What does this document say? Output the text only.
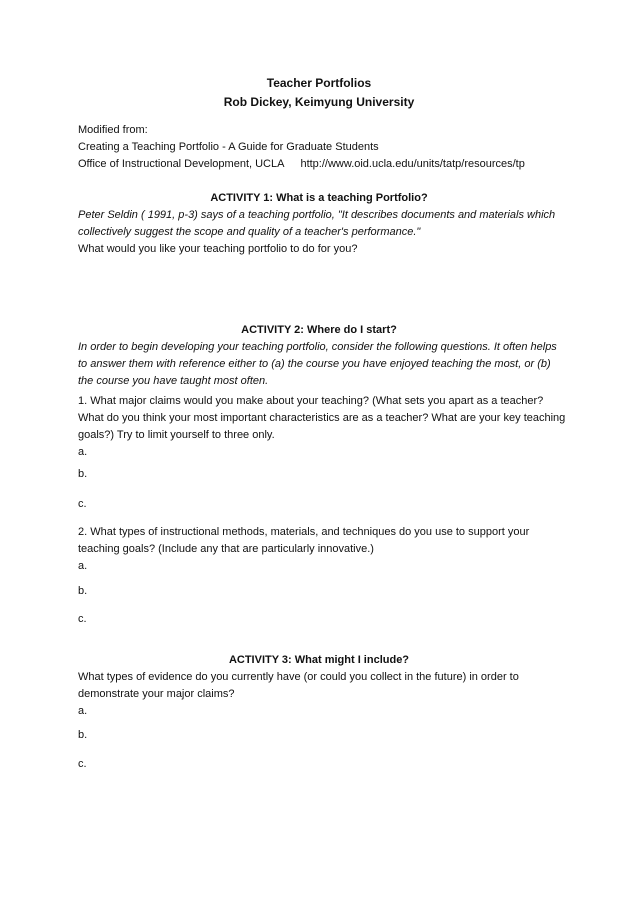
Teacher Portfolios
Rob Dickey, Keimyung University
Modified from:
Creating a Teaching Portfolio - A Guide for Graduate Students
Office of Instructional Development, UCLA http://www.oid.ucla.edu/units/tatp/resources/tp
ACTIVITY 1: What is a teaching Portfolio?
Peter Seldin ( 1991, p-3) says of a teaching portfolio, "It describes documents and materials which
collectively suggest the scope and quality of a teacher's performance."
What would you like your teaching portfolio to do for you?
ACTIVITY 2: Where do I start?
In order to begin developing your teaching portfolio, consider the following questions. It often helps
to answer them with reference either to (a) the course you have enjoyed teaching the most, or (b)
the course you have taught most often.
1. What major claims would you make about your teaching? (What sets you apart as a teacher?
What do you think your most important characteristics are as a teacher? What are your key teaching
goals?) Try to limit yourself to three only.
a.
b.
c.
2. What types of instructional methods, materials, and techniques do you use to support your
teaching goals? (Include any that are particularly innovative.)
a.
b.
c.
ACTIVITY 3: What might I include?
What types of evidence do you currently have (or could you collect in the future) in order to
demonstrate your major claims?
a.
b.
c.
